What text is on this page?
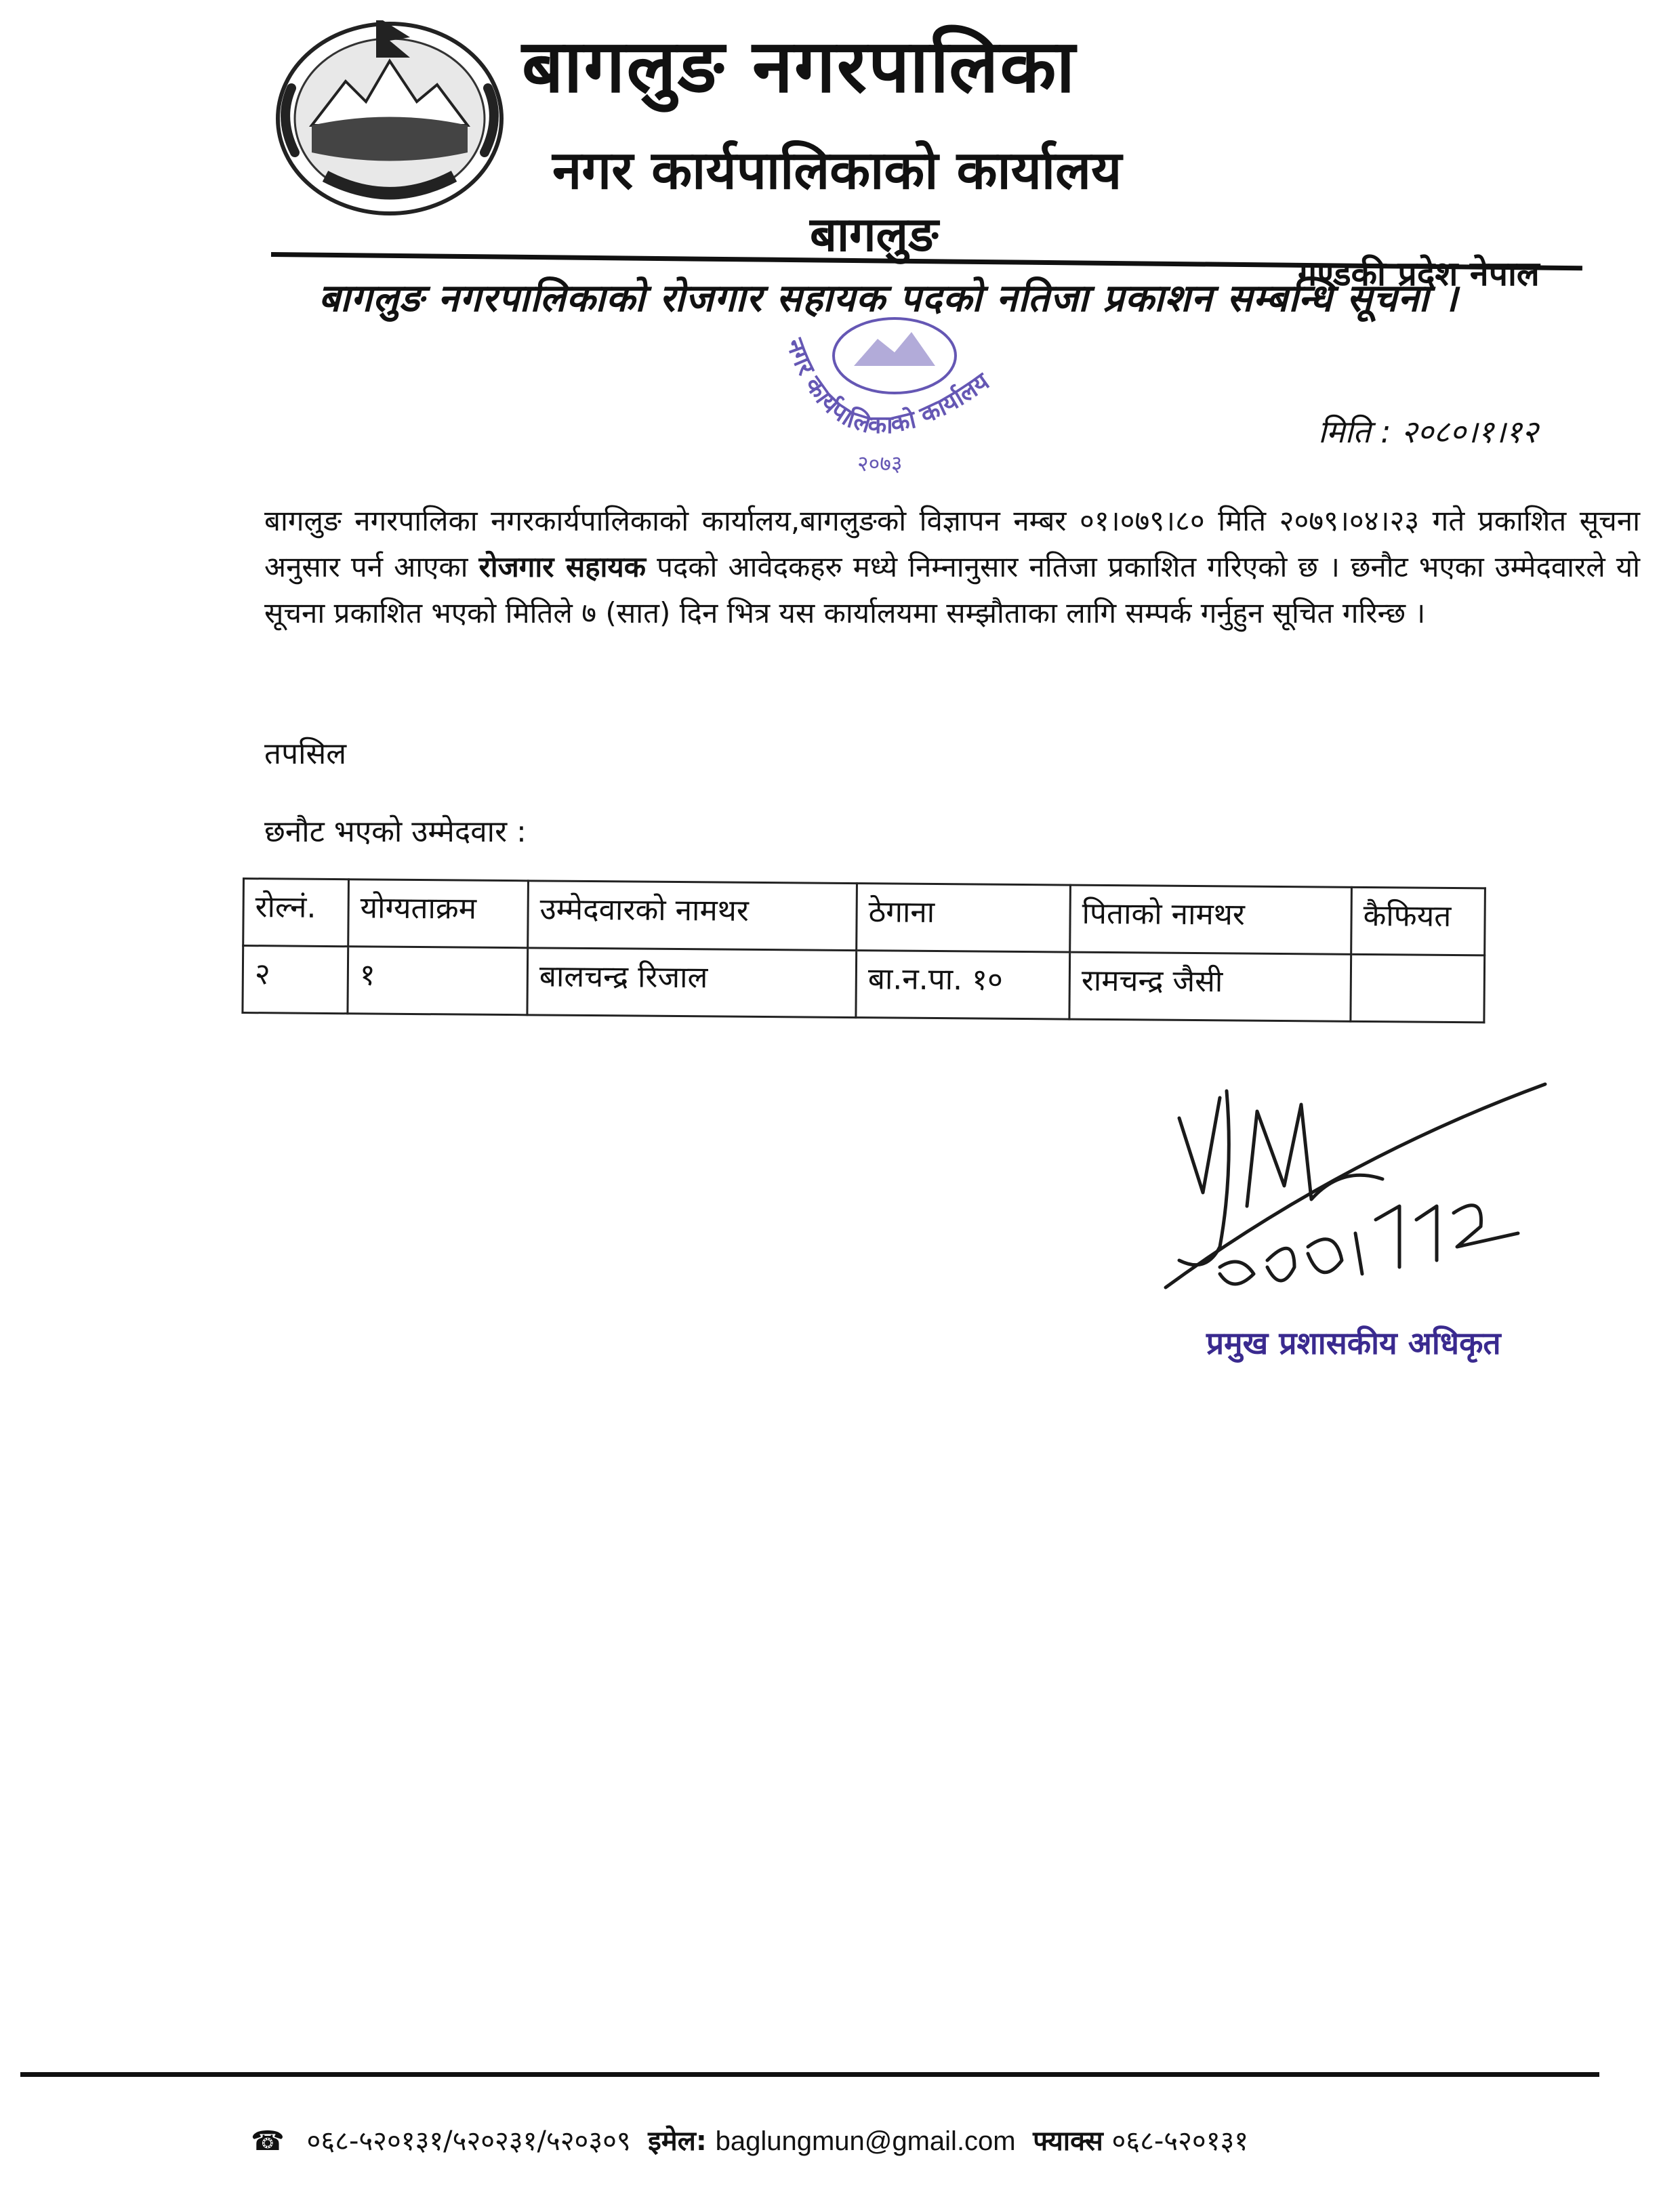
बागलुङ नगरपालिका
नगर कार्यपालिकाको कार्यालय
बागलुङ
गण्डकी प्रदेश नेपाल
बागलुङ नगरपालिकाको रोजगार सहायक पदको नतिजा प्रकाशन सम्बन्धि सूचना ।
नगर कार्यपालिकाको कार्यालय
२०७३
मिति : २०८०।१।१२
बागलुङ नगरपालिका नगरकार्यपालिकाको कार्यालय,बागलुङको विज्ञापन नम्बर ०१।०७९।८० मिति २०७९।०४।२३ गते प्रकाशित सूचना अनुसार पर्न आएका रोजगार सहायक पदको आवेदकहरु मध्ये निम्नानुसार नतिजा प्रकाशित गरिएको छ । छनौट भएका उम्मेदवारले यो सूचना प्रकाशित भएको मितिले ७ (सात) दिन भित्र यस कार्यालयमा सम्झौताका लागि सम्पर्क गर्नुहुन सूचित गरिन्छ ।
तपसिल
छनौट भएको उम्मेदवार :
रोल्नं.	योग्यताक्रम	उम्मेदवारको नामथर	ठेगाना	पिताको नामथर	कैफियत
२	१	बालचन्द्र रिजाल	बा.न.पा. १०	रामचन्द्र जैसी	
प्रमुख प्रशासकीय अधिकृत
☎ ०६८-५२०१३१/५२०२३१/५२०३०९ इमेल: baglungmun@gmail.com फ्याक्स ०६८-५२०१३१
